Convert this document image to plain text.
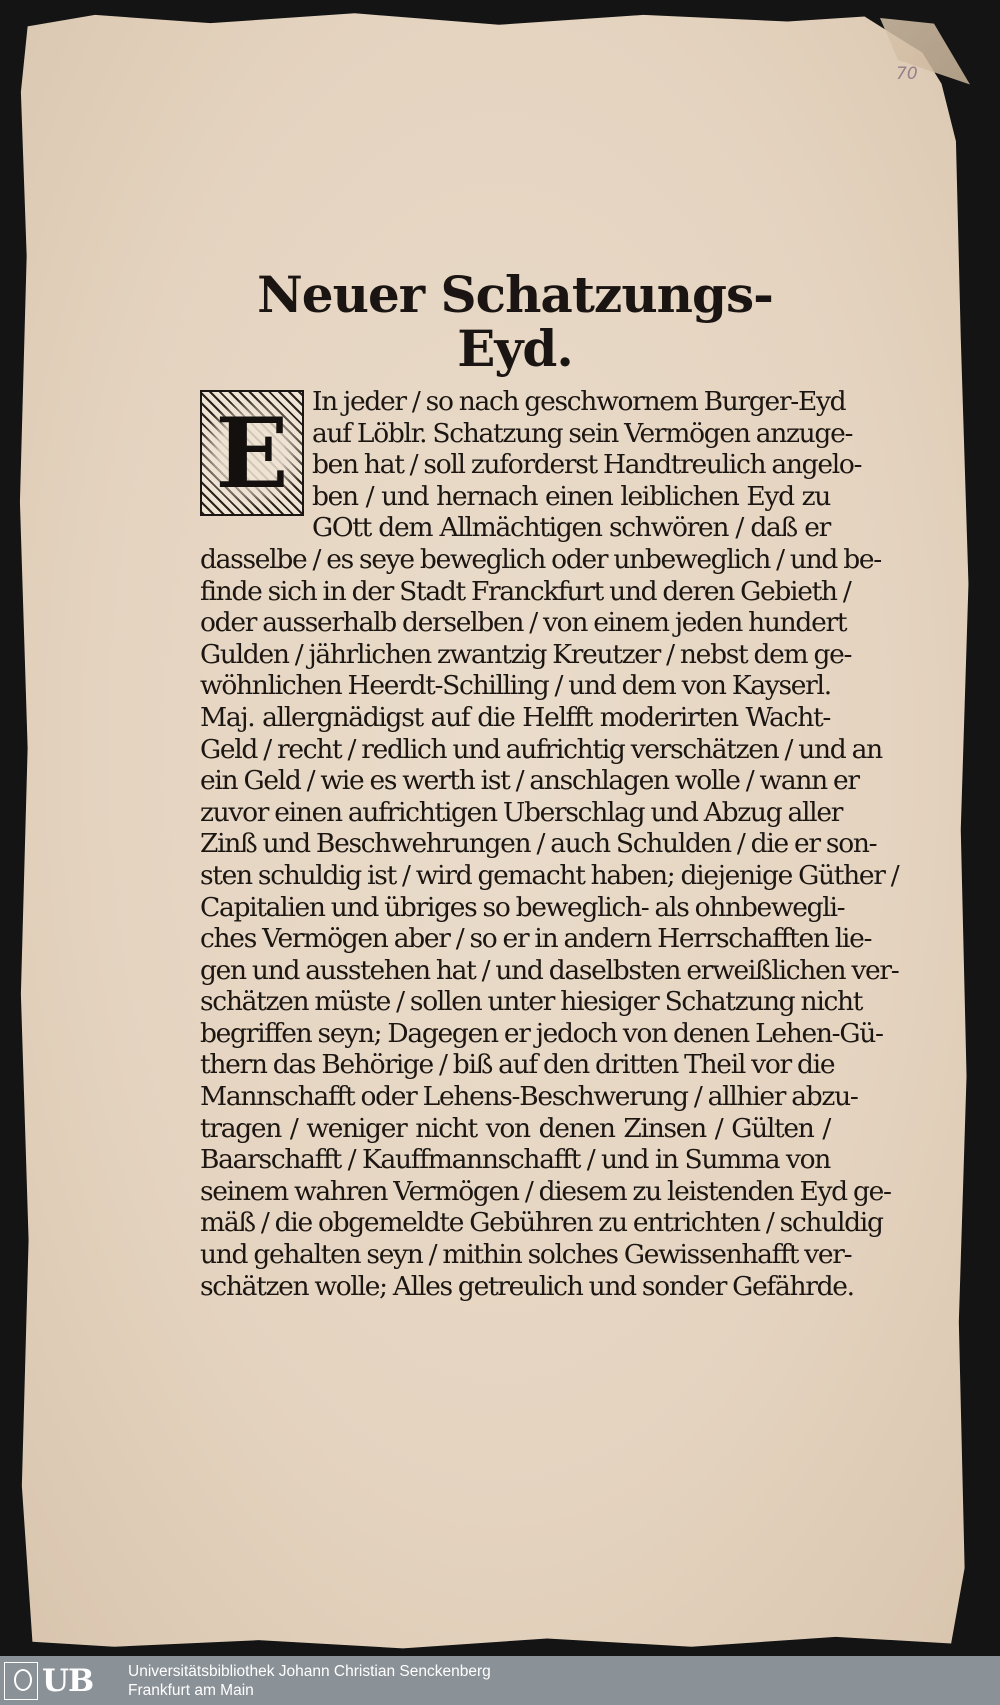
70
Neuer Schatzungs-Eyd.
E In jeder / so nach geschwornem Burger-Eyd
auf Löblr. Schatzung sein Vermögen anzuge-
ben hat / soll zuforderst Handtreulich angelo-
ben / und hernach einen leiblichen Eyd zu
GOtt dem Allmächtigen schwören / daß er
dasselbe / es seye beweglich oder unbeweglich / und be-
finde sich in der Stadt Franckfurt und deren Gebieth /
oder ausserhalb derselben / von einem jeden hundert
Gulden / jährlichen zwantzig Kreutzer / nebst dem ge-
wöhnlichen Heerdt-Schilling / und dem von Kayserl.
Maj. allergnädigst auf die Helfft moderirten Wacht-
Geld / recht / redlich und aufrichtig verschätzen / und an
ein Geld / wie es werth ist / anschlagen wolle / wann er
zuvor einen aufrichtigen Uberschlag und Abzug aller
Zinß und Beschwehrungen / auch Schulden / die er son-
sten schuldig ist / wird gemacht haben; diejenige Güther /
Capitalien und übriges so beweglich- als ohnbewegli-
ches Vermögen aber / so er in andern Herrschafften lie-
gen und ausstehen hat / und daselbsten erweißlichen ver-
schätzen müste / sollen unter hiesiger Schatzung nicht
begriffen seyn; Dagegen er jedoch von denen Lehen-Gü-
thern das Behörige / biß auf den dritten Theil vor die
Mannschafft oder Lehens-Beschwerung / allhier abzu-
tragen / weniger nicht von denen Zinsen / Gülten /
Baarschafft / Kauffmannschafft / und in Summa von
seinem wahren Vermögen / diesem zu leistenden Eyd ge-
mäß / die obgemeldte Gebühren zu entrichten / schuldig
und gehalten seyn / mithin solches Gewissenhafft ver-
schätzen wolle; Alles getreulich und sonder Gefährde.
UB Universitätsbibliothek Johann Christian Senckenberg
Frankfurt am Main
